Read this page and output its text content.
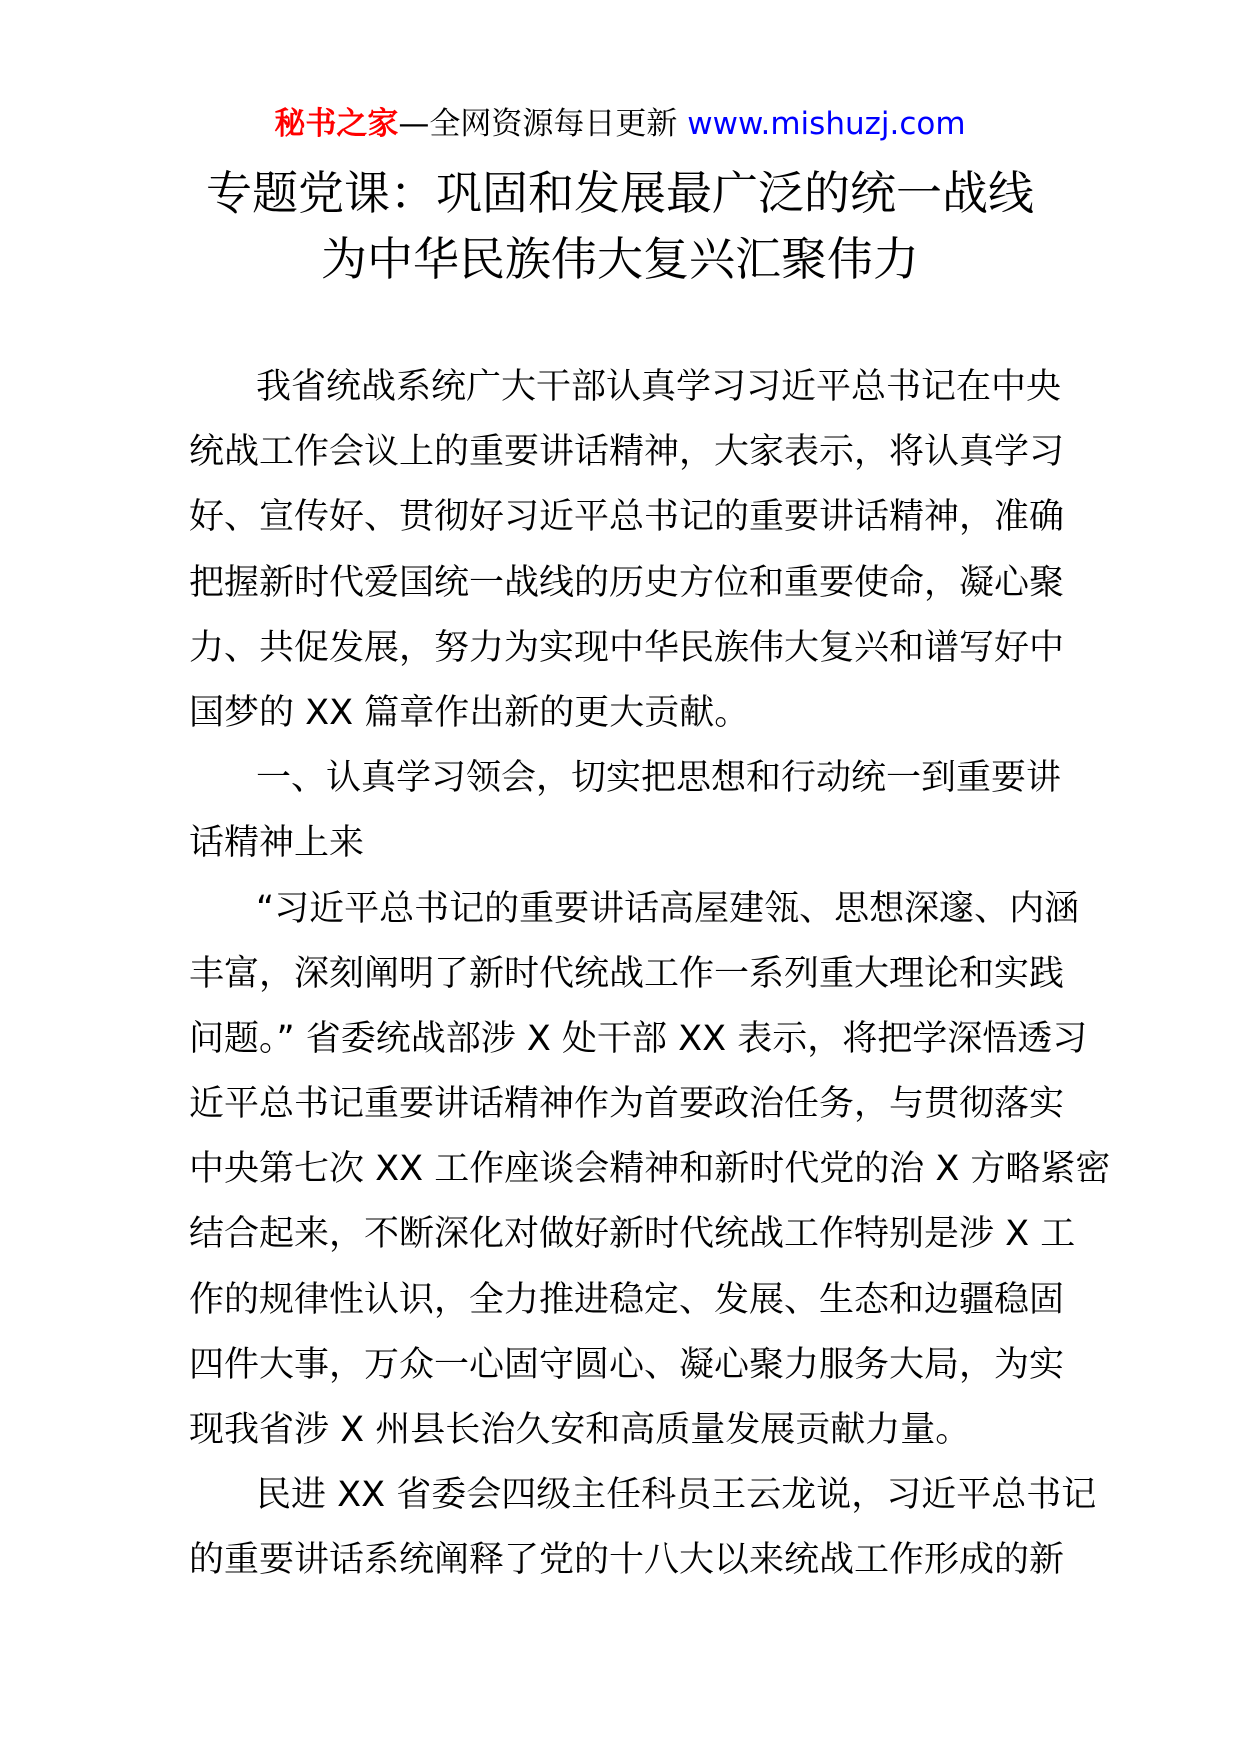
秘书之家—全网资源每日更新 www.mishuzj.com
专题党课：巩固和发展最广泛的统一战线
为中华民族伟大复兴汇聚伟力
我省统战系统广大干部认真学习习近平总书记在中央
统战工作会议上的重要讲话精神，大家表示，将认真学习
好、宣传好、贯彻好习近平总书记的重要讲话精神，准确
把握新时代爱国统一战线的历史方位和重要使命，凝心聚
力、共促发展，努力为实现中华民族伟大复兴和谱写好中
国梦的 XX 篇章作出新的更大贡献。
一、认真学习领会，切实把思想和行动统一到重要讲
话精神上来
“习近平总书记的重要讲话高屋建瓴、思想深邃、内涵
丰富，深刻阐明了新时代统战工作一系列重大理论和实践
问题。” 省委统战部涉 X 处干部 XX 表示，将把学深悟透习
近平总书记重要讲话精神作为首要政治任务，与贯彻落实
中央第七次 XX 工作座谈会精神和新时代党的治 X 方略紧密
结合起来，不断深化对做好新时代统战工作特别是涉 X 工
作的规律性认识，全力推进稳定、发展、生态和边疆稳固
四件大事，万众一心固守圆心、凝心聚力服务大局，为实
现我省涉 X 州县长治久安和高质量发展贡献力量。
民进 XX 省委会四级主任科员王云龙说，习近平总书记
的重要讲话系统阐释了党的十八大以来统战工作形成的新
